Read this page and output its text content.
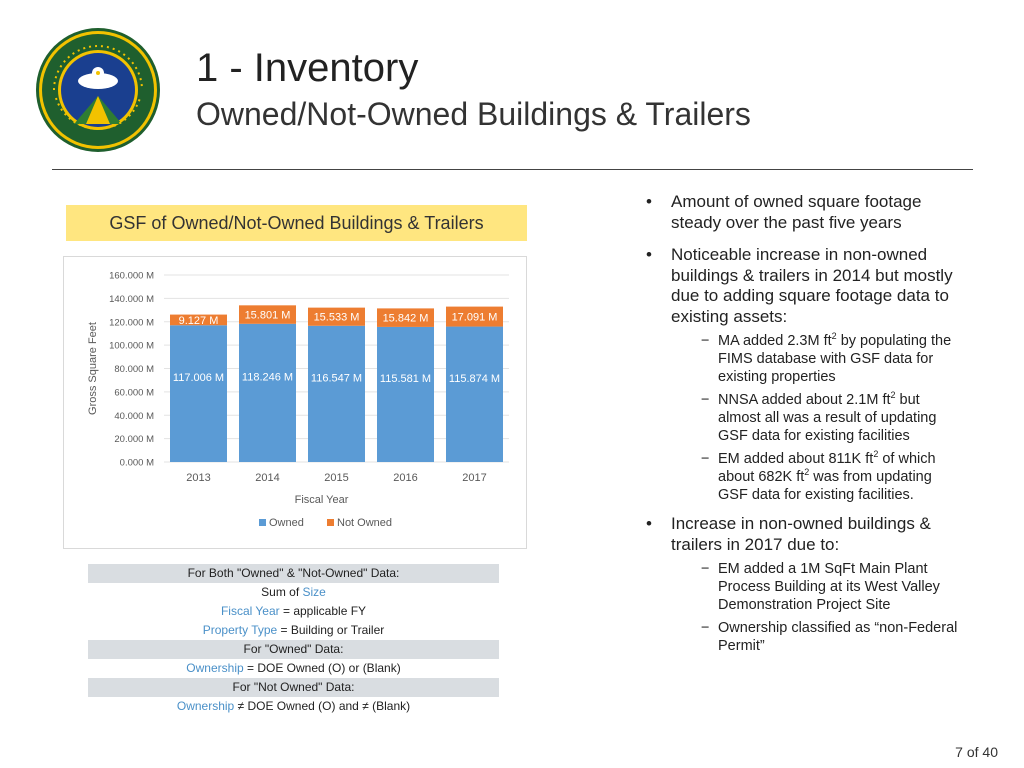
1 - Inventory
Owned/Not-Owned Buildings & Trailers
GSF of Owned/Not-Owned Buildings & Trailers
0.000 M
20.000 M
40.000 M
60.000 M
80.000 M
100.000 M
120.000 M
140.000 M
160.000 M
Gross Square Feet	117.006 M
9.127 M
2013
118.246 M
15.801 M
2014
116.547 M
15.533 M
2015
115.581 M
15.842 M
2016
115.874 M
17.091 M
2017
Fiscal Year
Owned	Not Owned
For Both "Owned" & "Not-Owned" Data:
Sum of Size
Fiscal Year = applicable FY
Property Type = Building or Trailer
For "Owned" Data:
Ownership = DOE Owned (O) or (Blank)
For "Not Owned" Data:
Ownership ≠ DOE Owned (O) and ≠ (Blank)
• Amount of owned square footage steady over the past five years
• Noticeable increase in non-owned buildings & trailers in 2014 but mostly due to adding square footage data to existing assets:
− MA added 2.3M $ft^2$ by populating the FIMS database with GSF data for existing properties
− NNSA added about 2.1M $ft^2$ but almost all was a result of updating GSF data for existing facilities
− EM added about 811K $ft^2$ of which about 682K $ft^2$ was from updating GSF data for existing facilities.
• Increase in non-owned buildings & trailers in 2017 due to:
− EM added a 1M SqFt Main Plant Process Building at its West Valley Demonstration Project Site
− Ownership classified as “non-Federal Permit”
7 of 40
